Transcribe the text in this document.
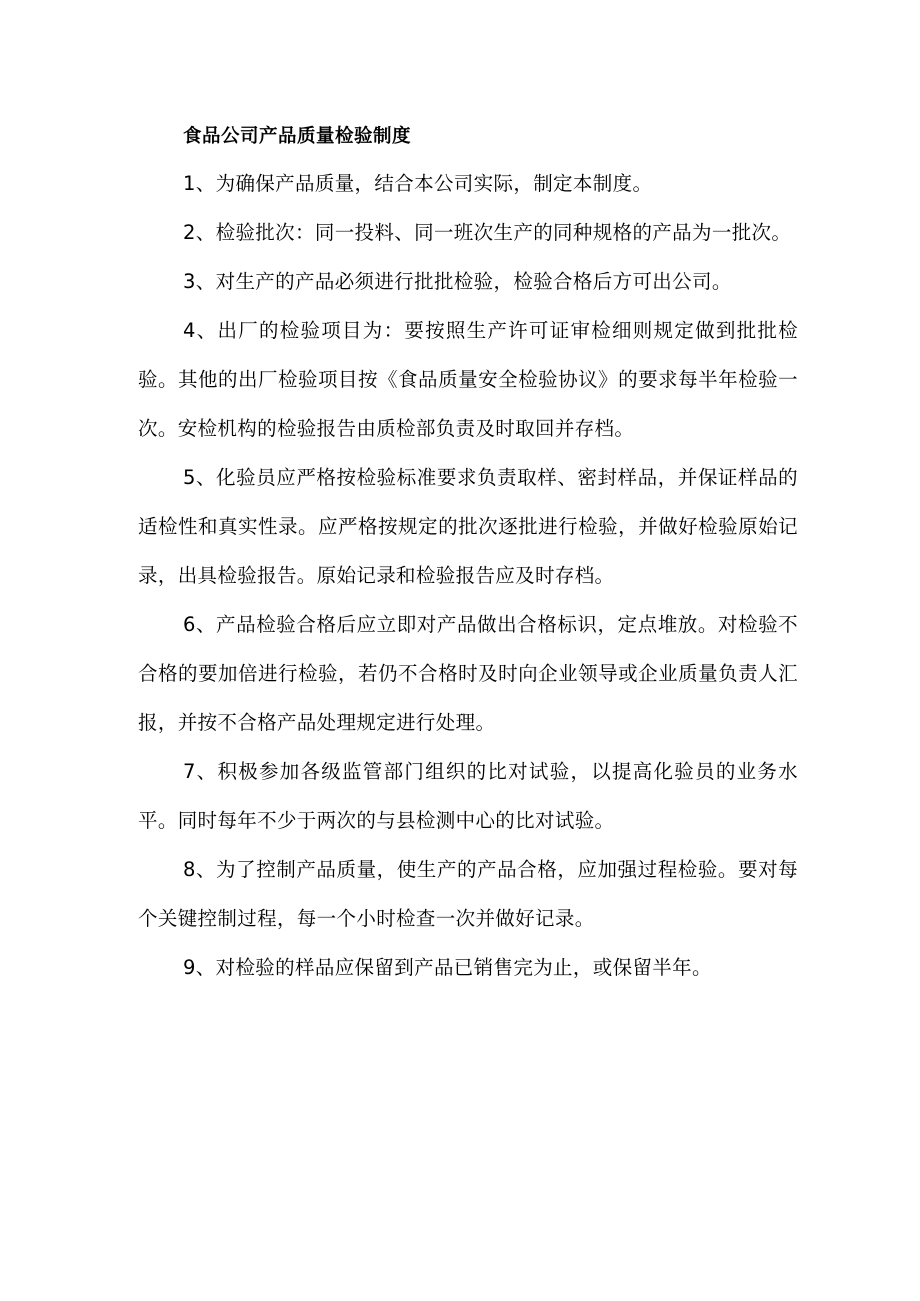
食品公司产品质量检验制度

1、为确保产品质量，结合本公司实际，制定本制度。

2、检验批次：同一投料、同一班次生产的同种规格的产品为一批次。

3、对生产的产品必须进行批批检验，检验合格后方可出公司。

4、出厂的检验项目为：要按照生产许可证审检细则规定做到批批检验。其他的出厂检验项目按《食品质量安全检验协议》的要求每半年检验一次。安检机构的检验报告由质检部负责及时取回并存档。

5、化验员应严格按检验标准要求负责取样、密封样品，并保证样品的适检性和真实性录。应严格按规定的批次逐批进行检验，并做好检验原始记录，出具检验报告。原始记录和检验报告应及时存档。

6、产品检验合格后应立即对产品做出合格标识，定点堆放。对检验不合格的要加倍进行检验，若仍不合格时及时向企业领导或企业质量负责人汇报，并按不合格产品处理规定进行处理。

7、积极参加各级监管部门组织的比对试验，以提高化验员的业务水平。同时每年不少于两次的与县检测中心的比对试验。

8、为了控制产品质量，使生产的产品合格，应加强过程检验。要对每个关键控制过程，每一个小时检查一次并做好记录。

9、对检验的样品应保留到产品已销售完为止，或保留半年。
